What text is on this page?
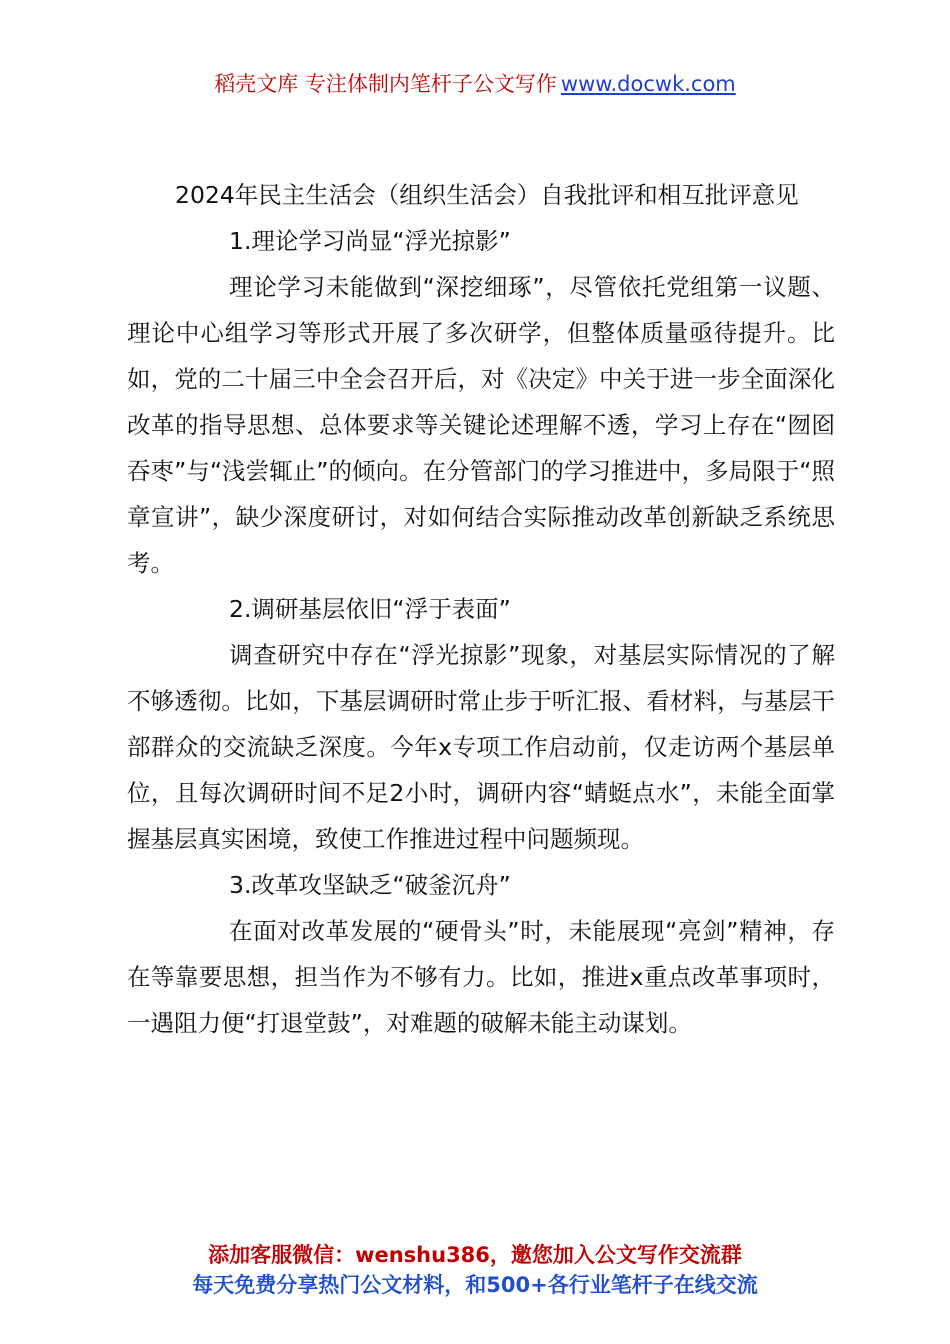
稻壳文库 专注体制内笔杆子公文写作 www.docwk.com

2024年民主生活会（组织生活会）自我批评和相互批评意见

1.理论学习尚显“浮光掠影”

理论学习未能做到“深挖细琢”，尽管依托党组第一议题、理论中心组学习等形式开展了多次研学，但整体质量亟待提升。比如，党的二十届三中全会召开后，对《决定》中关于进一步全面深化改革的指导思想、总体要求等关键论述理解不透，学习上存在“囫囵吞枣”与“浅尝辄止”的倾向。在分管部门的学习推进中，多局限于“照章宣讲”，缺少深度研讨，对如何结合实际推动改革创新缺乏系统思考。

2.调研基层依旧“浮于表面”

调查研究中存在“浮光掠影”现象，对基层实际情况的了解不够透彻。比如，下基层调研时常止步于听汇报、看材料，与基层干部群众的交流缺乏深度。今年x专项工作启动前，仅走访两个基层单位，且每次调研时间不足2小时，调研内容“蜻蜓点水”，未能全面掌握基层真实困境，致使工作推进过程中问题频现。

3.改革攻坚缺乏“破釜沉舟”

在面对改革发展的“硬骨头”时，未能展现“亮剑”精神，存在等靠要思想，担当作为不够有力。比如，推进x重点改革事项时，一遇阻力便“打退堂鼓”，对难题的破解未能主动谋划。

添加客服微信：wenshu386，邀您加入公文写作交流群
每天免费分享热门公文材料，和500+各行业笔杆子在线交流
